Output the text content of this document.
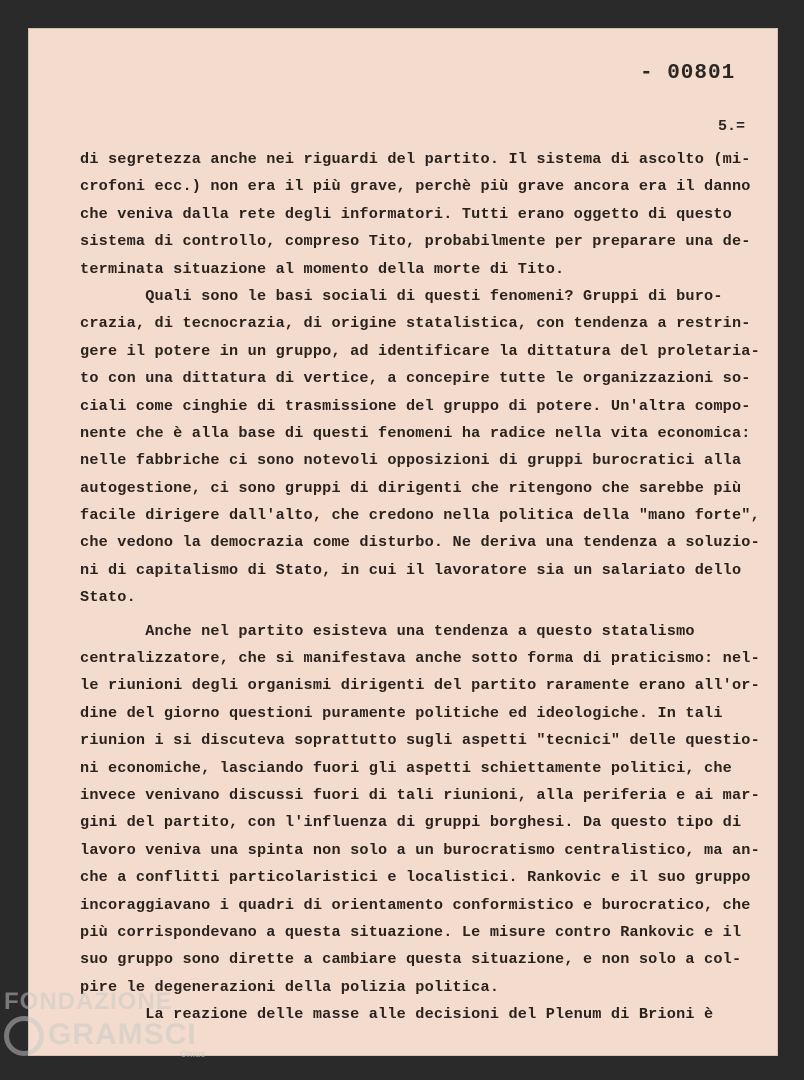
- 00801
5.=
di segretezza anche nei riguardi del partito. Il sistema di ascolto (mi-
crofoni ecc.) non era il più grave, perchè più grave ancora era il danno
che veniva dalla rete degli informatori. Tutti erano oggetto di questo
sistema di controllo, compreso Tito, probabilmente per preparare una de-
terminata situazione al momento della morte di Tito.
Quali sono le basi sociali di questi fenomeni? Gruppi di buro-
crazia, di tecnocrazia, di origine statalistica, con tendenza a restrin-
gere il potere in un gruppo, ad identificare la dittatura del proletaria-
to con una dittatura di vertice, a concepire tutte le organizzazioni so-
ciali come cinghie di trasmissione del gruppo di potere. Un'altra compo-
nente che è alla base di questi fenomeni ha radice nella vita economica:
nelle fabbriche ci sono notevoli opposizioni di gruppi burocratici alla
autogestione, ci sono gruppi di dirigenti che ritengono che sarebbe più
facile dirigere dall'alto, che credono nella politica della "mano forte",
che vedono la democrazia come disturbo. Ne deriva una tendenza a soluzio-
ni di capitalismo di Stato, in cui il lavoratore sia un salariato dello
Stato.
Anche nel partito esisteva una tendenza a questo statalismo
centralizzatore, che si manifestava anche sotto forma di praticismo: nel-
le riunioni degli organismi dirigenti del partito raramente erano all'or-
dine del giorno questioni puramente politiche ed ideologiche. In tali
riunion i si discuteva soprattutto sugli aspetti "tecnici" delle questio-
ni economiche, lasciando fuori gli aspetti schiettamente politici, che
invece venivano discussi fuori di tali riunioni, alla periferia e ai mar-
gini del partito, con l'influenza di gruppi borghesi. Da questo tipo di
lavoro veniva una spinta non solo a un burocratismo centralistico, ma an-
che a conflitti particolaristici e localistici. Rankovic e il suo gruppo
incoraggiavano i quadri di orientamento conformistico e burocratico, che
più corrispondevano a questa situazione. Le misure contro Rankovic e il
suo gruppo sono dirette a cambiare questa situazione, e non solo a col-
pire le degenerazioni della polizia politica.
La reazione delle masse alle decisioni del Plenum di Brioni è
FONDAZIONE
GRAMSCI
Onlus
